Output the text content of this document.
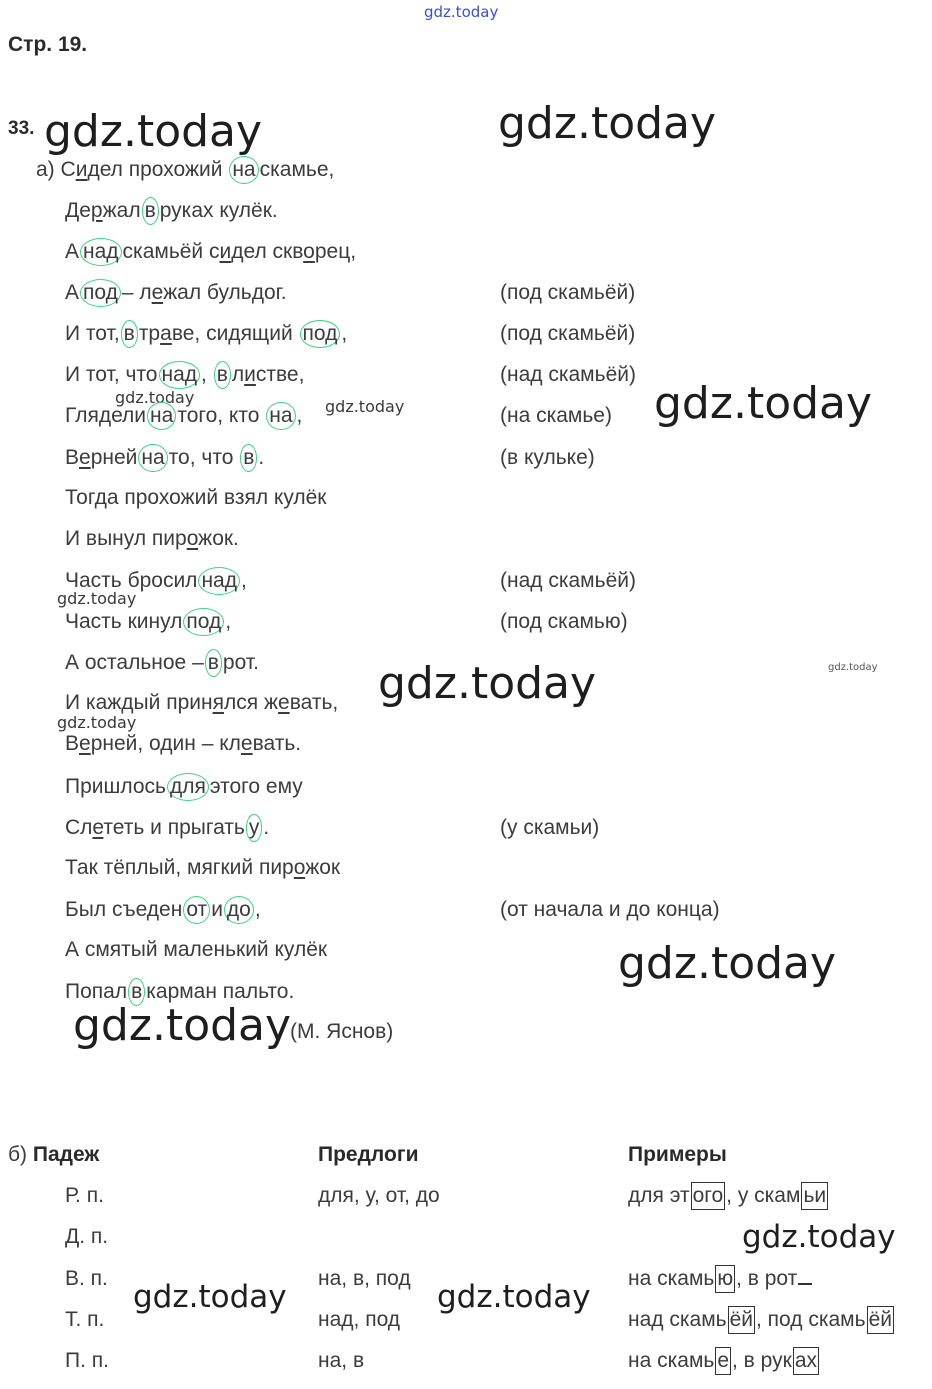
gdz.today
Стр. 19.
33. gdz.today	gdz.today
gdz.today
gdz.today
gdz.today
gdz.today
gdz.today
gdz.today	gdz.today
gdz.today	gdz.today
gdz.today
gdz.today
gdz.today
а) Сидел прохожий на скамье,
Держал в руках кулёк.
А над скамьёй сидел скворец,
А под – лежал бульдог.	(под скамьёй)
И тот, в траве, сидящий под ,	(под скамьёй)
И тот, что над , в листве,	(над скамьёй)
Глядели на того, кто на ,	(на скамье)
Верней на то, что в .	(в кульке)
Тогда прохожий взял кулёк
И вынул пирожок.
Часть бросил над ,	(над скамьёй)
Часть кинул под ,	(под скамью)
А остальное – в рот.
И каждый принялся жевать,
Верней, один – клевать.
Пришлось для этого ему
Слететь и прыгать у .	(у скамьи)
Так тёплый, мягкий пирожок
Был съеден от и до ,	(от начала и до конца)
А смятый маленький кулёк
Попал в карман пальто.
(М. Яснов)
б) Падеж	Предлоги	Примеры
Р. п.	для, у, от, до	для эт ого , у скам ьи
Д. п.
В. п.	на, в, под	на скамь ю , в рот
Т. п.	над, под	над скамь ёй , под скамь ёй
П. п.	на, в	на скамь е , в рук ах
